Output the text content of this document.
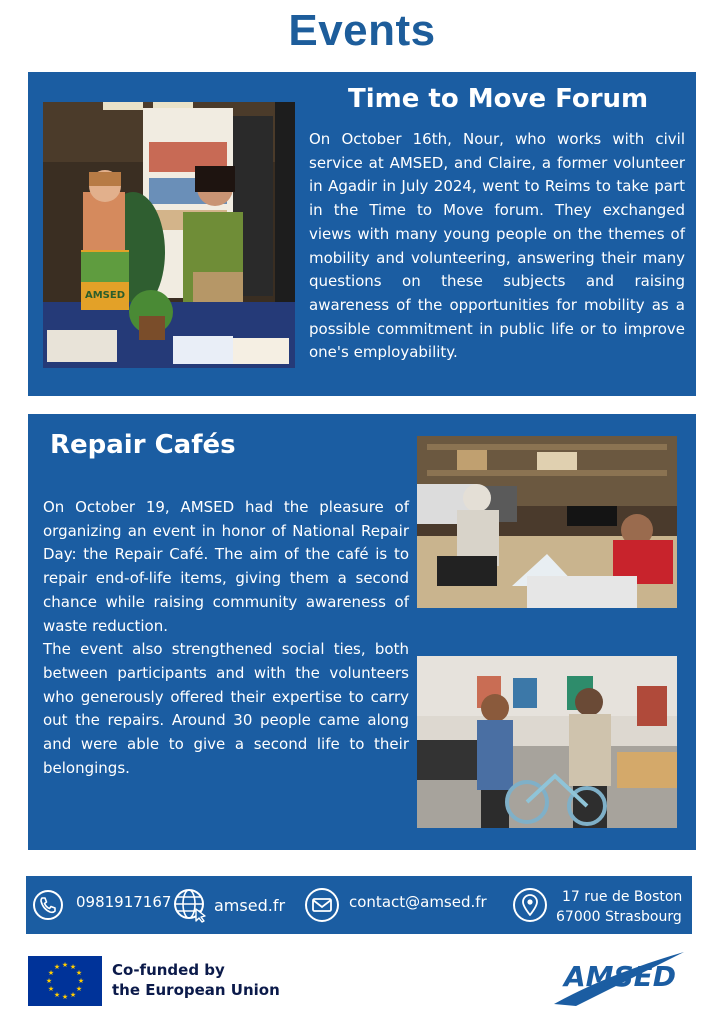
Events
AMSED
Time to Move Forum
On October 16th, Nour, who works with civil service at AMSED, and Claire, a former volunteer in Agadir in July 2024, went to Reims to take part in the Time to Move forum. They exchanged views with many young people on the themes of mobility and volunteering, answering their many questions on these subjects and raising awareness of the opportunities for mobility as a possible commitment in public life or to improve one's employability.
Repair Cafés

On October 19, AMSED had the pleasure of organizing an event in honor of National Repair Day: the Repair Café. The aim of the café is to repair end-of-life items, giving them a second chance while raising community awareness of waste reduction.

The event also strengthened social ties, both between participants and with the volunteers who generously offered their expertise to carry out the repairs. Around 30 people came along and were able to give a second life to their belongings.

0981917167	amsed.fr	contact@amsed.fr	17 rue de Boston
67000 Strasbourg
★ ★
★
★
★
★
★
★
★
★
★
★	Co-funded by
the European Union	AMSED
